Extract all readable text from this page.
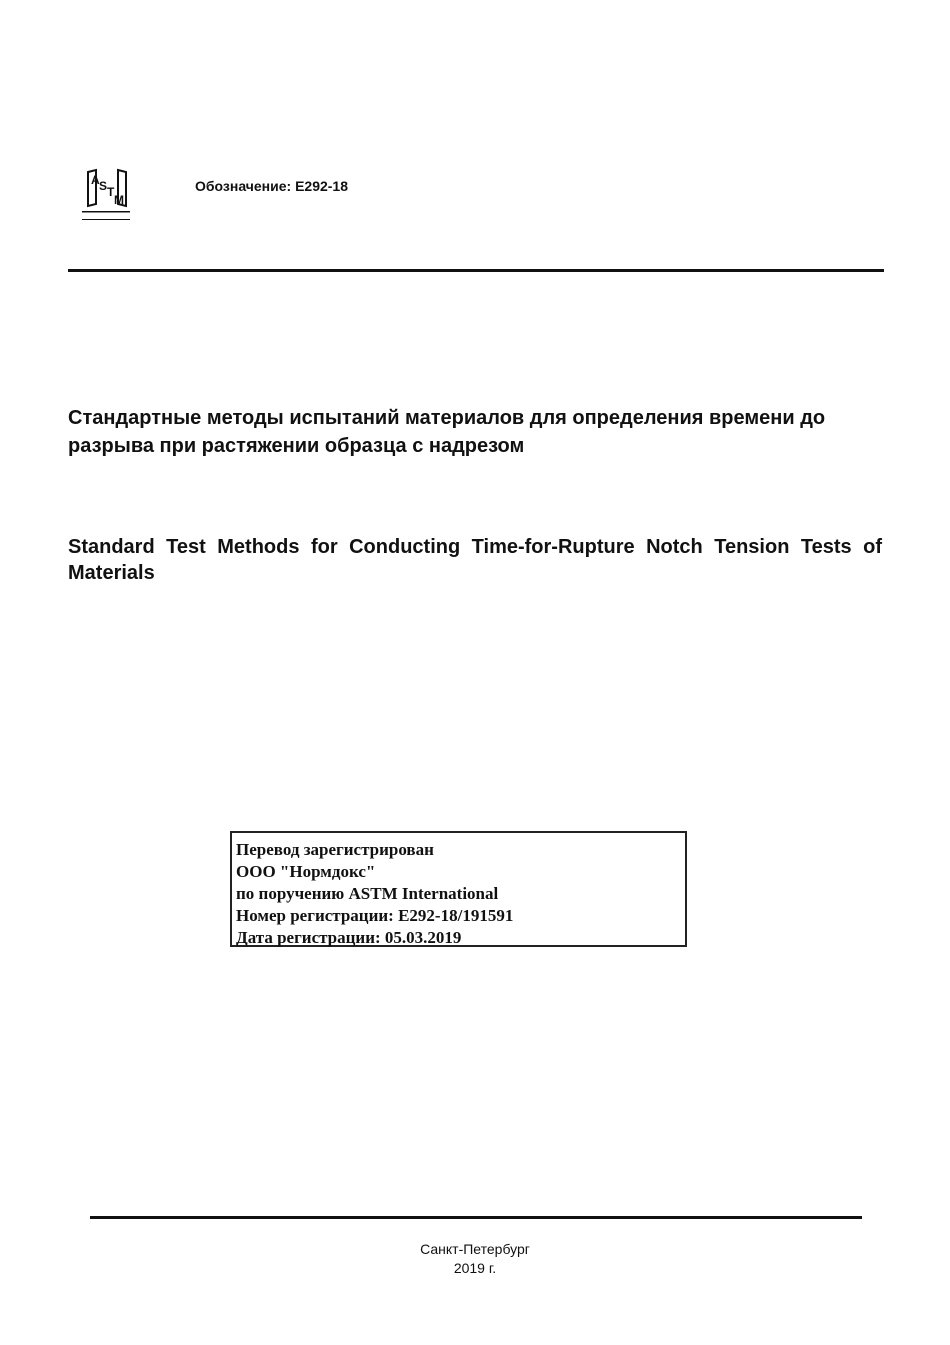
A S T
M
Обозначение: E292-18
Стандартные методы испытаний материалов для определения времени до разрыва при растяжении образца с надрезом
Standard Test Methods for Conducting Time-for-Rupture Notch Tension Tests of Materials
Перевод зарегистрирован
ООО "Нормдокс"
по поручению ASTM International
Номер регистрации: E292-18/191591
Дата регистрации: 05.03.2019
Санкт-Петербург
2019 г.
